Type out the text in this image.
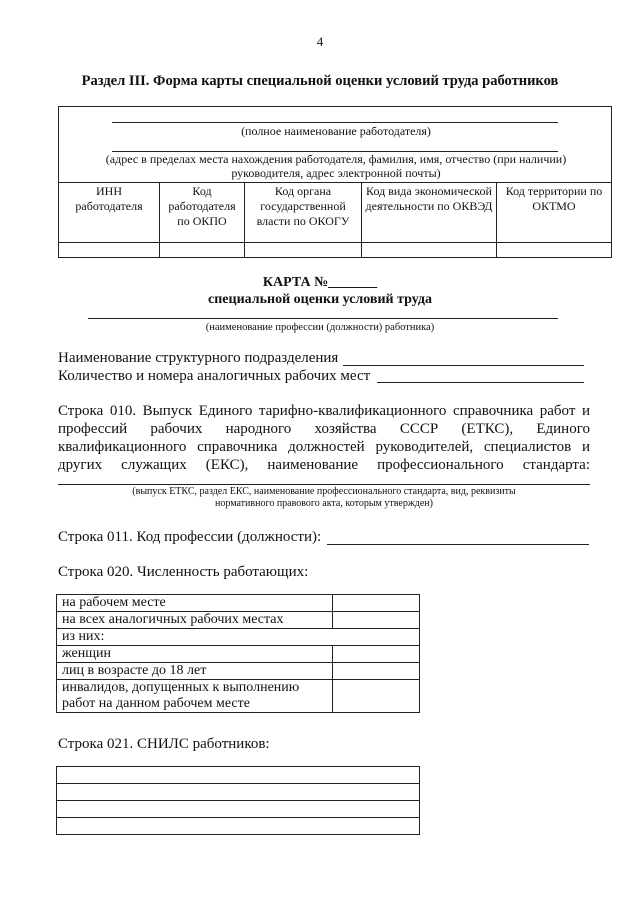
4
Раздел III. Форма карты специальной оценки условий труда работников
(полное наименование работодателя)
(адрес в пределах места нахождения работодателя, фамилия, имя, отчество (при наличии)
руководителя, адрес электронной почты)
ИНН работодателя	Код работодателя по ОКПО	Код органа государственной власти по ОКОГУ	Код вида экономической деятельности по ОКВЭД	Код территории по ОКТМО

КАРТА №_______
специальной оценки условий труда
(наименование профессии (должности) работника)
Наименование структурного подразделения
Количество и номера аналогичных рабочих мест
Строка 010. Выпуск Единого тарифно-квалификационного справочника работ и
профессий рабочих народного хозяйства СССР (ЕТКС), Единого
квалификационного справочника должностей руководителей, специалистов и
других служащих (ЕКС), наименование профессионального стандарта:
(выпуск ЕТКС, раздел ЕКС, наименование профессионального стандарта, вид, реквизиты
нормативного правового акта, которым утвержден)
Строка 011. Код профессии (должности):
Строка 020. Численность работающих:
на рабочем месте	
на всех аналогичных рабочих местах	
из них:	
женщин	
лиц в возрасте до 18 лет	
инвалидов, допущенных к выполнению
работ на данном рабочем месте	
Строка 021. СНИЛС работников:
